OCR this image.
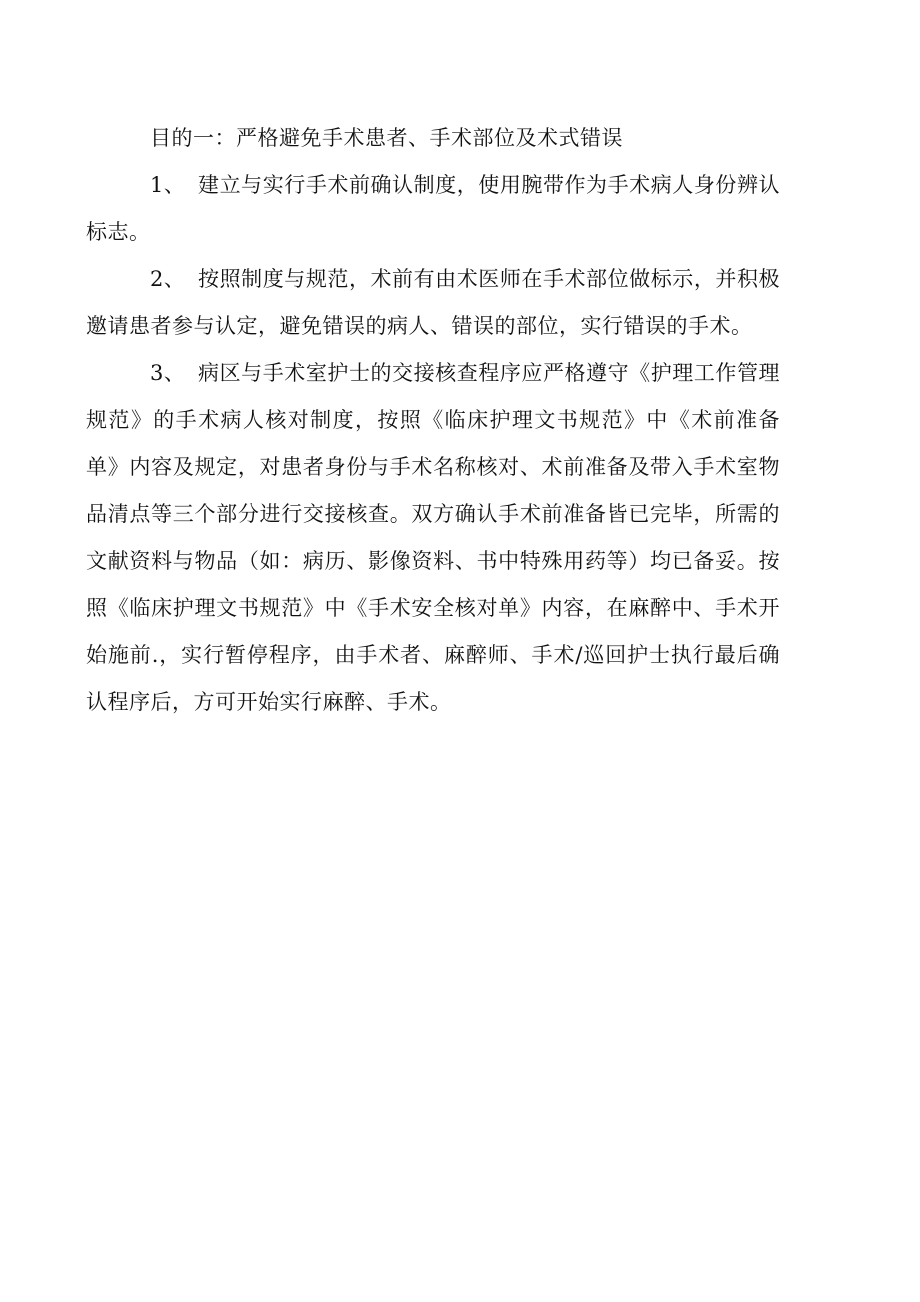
目的一：严格避免手术患者、手术部位及术式错误

1、 建立与实行手术前确认制度，使用腕带作为手术病人身份辨认标志。

2、 按照制度与规范，术前有由术医师在手术部位做标示，并积极邀请患者参与认定，避免错误的病人、错误的部位，实行错误的手术。

3、 病区与手术室护士的交接核查程序应严格遵守《护理工作管理规范》的手术病人核对制度，按照《临床护理文书规范》中《术前准备单》内容及规定，对患者身份与手术名称核对、术前准备及带入手术室物品清点等三个部分进行交接核查。双方确认手术前准备皆已完毕，所需的文献资料与物品（如：病历、影像资料、书中特殊用药等）均已备妥。按照《临床护理文书规范》中《手术安全核对单》内容，在麻醉中、手术开始施前.，实行暂停程序，由手术者、麻醉师、手术/巡回护士执行最后确认程序后，方可开始实行麻醉、手术。
